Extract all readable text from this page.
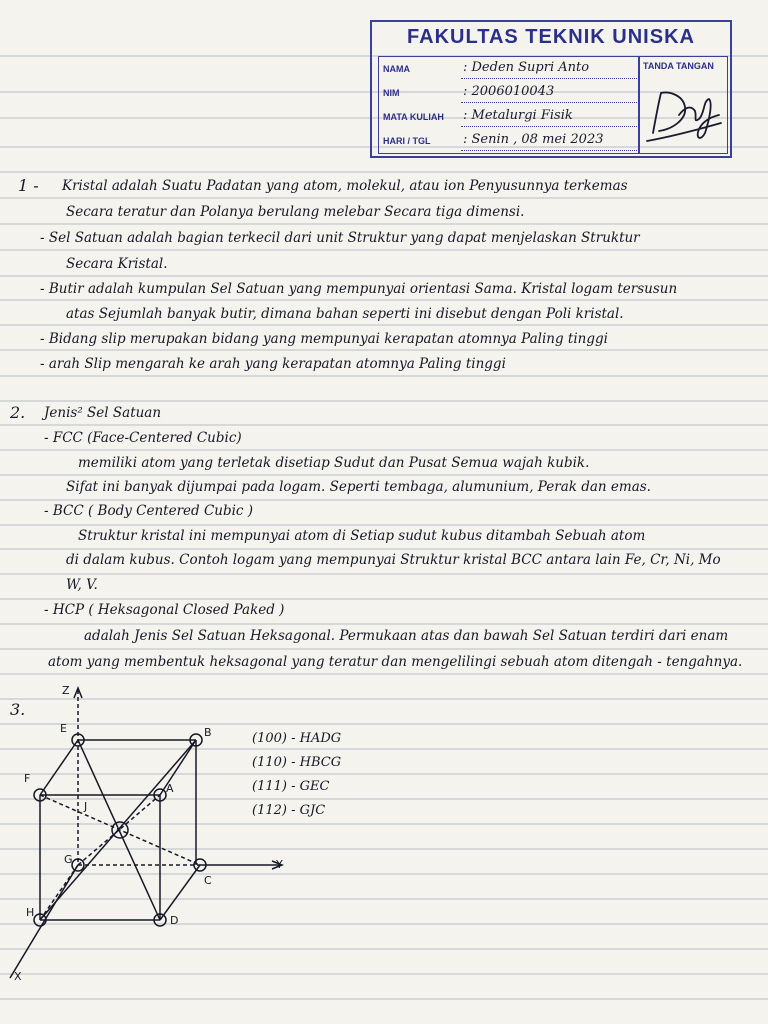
FAKULTAS TEKNIK UNISKA
NAMA	: Deden Supri Anto
NIM	: 2006010043
MATA KULIAH : Metalurgi Fisik
HARI / TGL	: Senin , 08 mei 2023
TANDA TANGAN
1 - Kristal adalah Suatu Padatan yang atom, molekul, atau ion Penyusunnya terkemas
Secara teratur dan Polanya berulang melebar Secara tiga dimensi.
- Sel Satuan adalah bagian terkecil dari unit Struktur yang dapat menjelaskan Struktur
Secara Kristal.
- Butir adalah kumpulan Sel Satuan yang mempunyai orientasi Sama. Kristal logam tersusun
atas Sejumlah banyak butir, dimana bahan seperti ini disebut dengan Poli kristal.
- Bidang slip merupakan bidang yang mempunyai kerapatan atomnya Paling tinggi
- arah Slip mengarah ke arah yang kerapatan atomnya Paling tinggi
2. Jenis² Sel Satuan
- FCC (Face-Centered Cubic)
memiliki atom yang terletak disetiap Sudut dan Pusat Semua wajah kubik.
Sifat ini banyak dijumpai pada logam. Seperti tembaga, alumunium, Perak dan emas.
- BCC ( Body Centered Cubic )
Struktur kristal ini mempunyai atom di Setiap sudut kubus ditambah Sebuah atom
di dalam kubus. Contoh logam yang mempunyai Struktur kristal BCC antara lain Fe, Cr, Ni, Mo
W, V.
- HCP ( Heksagonal Closed Paked )
adalah Jenis Sel Satuan Heksagonal. Permukaan atas dan bawah Sel Satuan terdiri dari enam
atom yang membentuk heksagonal yang teratur dan mengelilingi sebuah atom ditengah - tengahnya.
3.
Z
Y
X
E	B
F
A
J
G
C
H
D
(100) - HADG
(110) - HBCG
(111) - GEC
(112) - GJC
